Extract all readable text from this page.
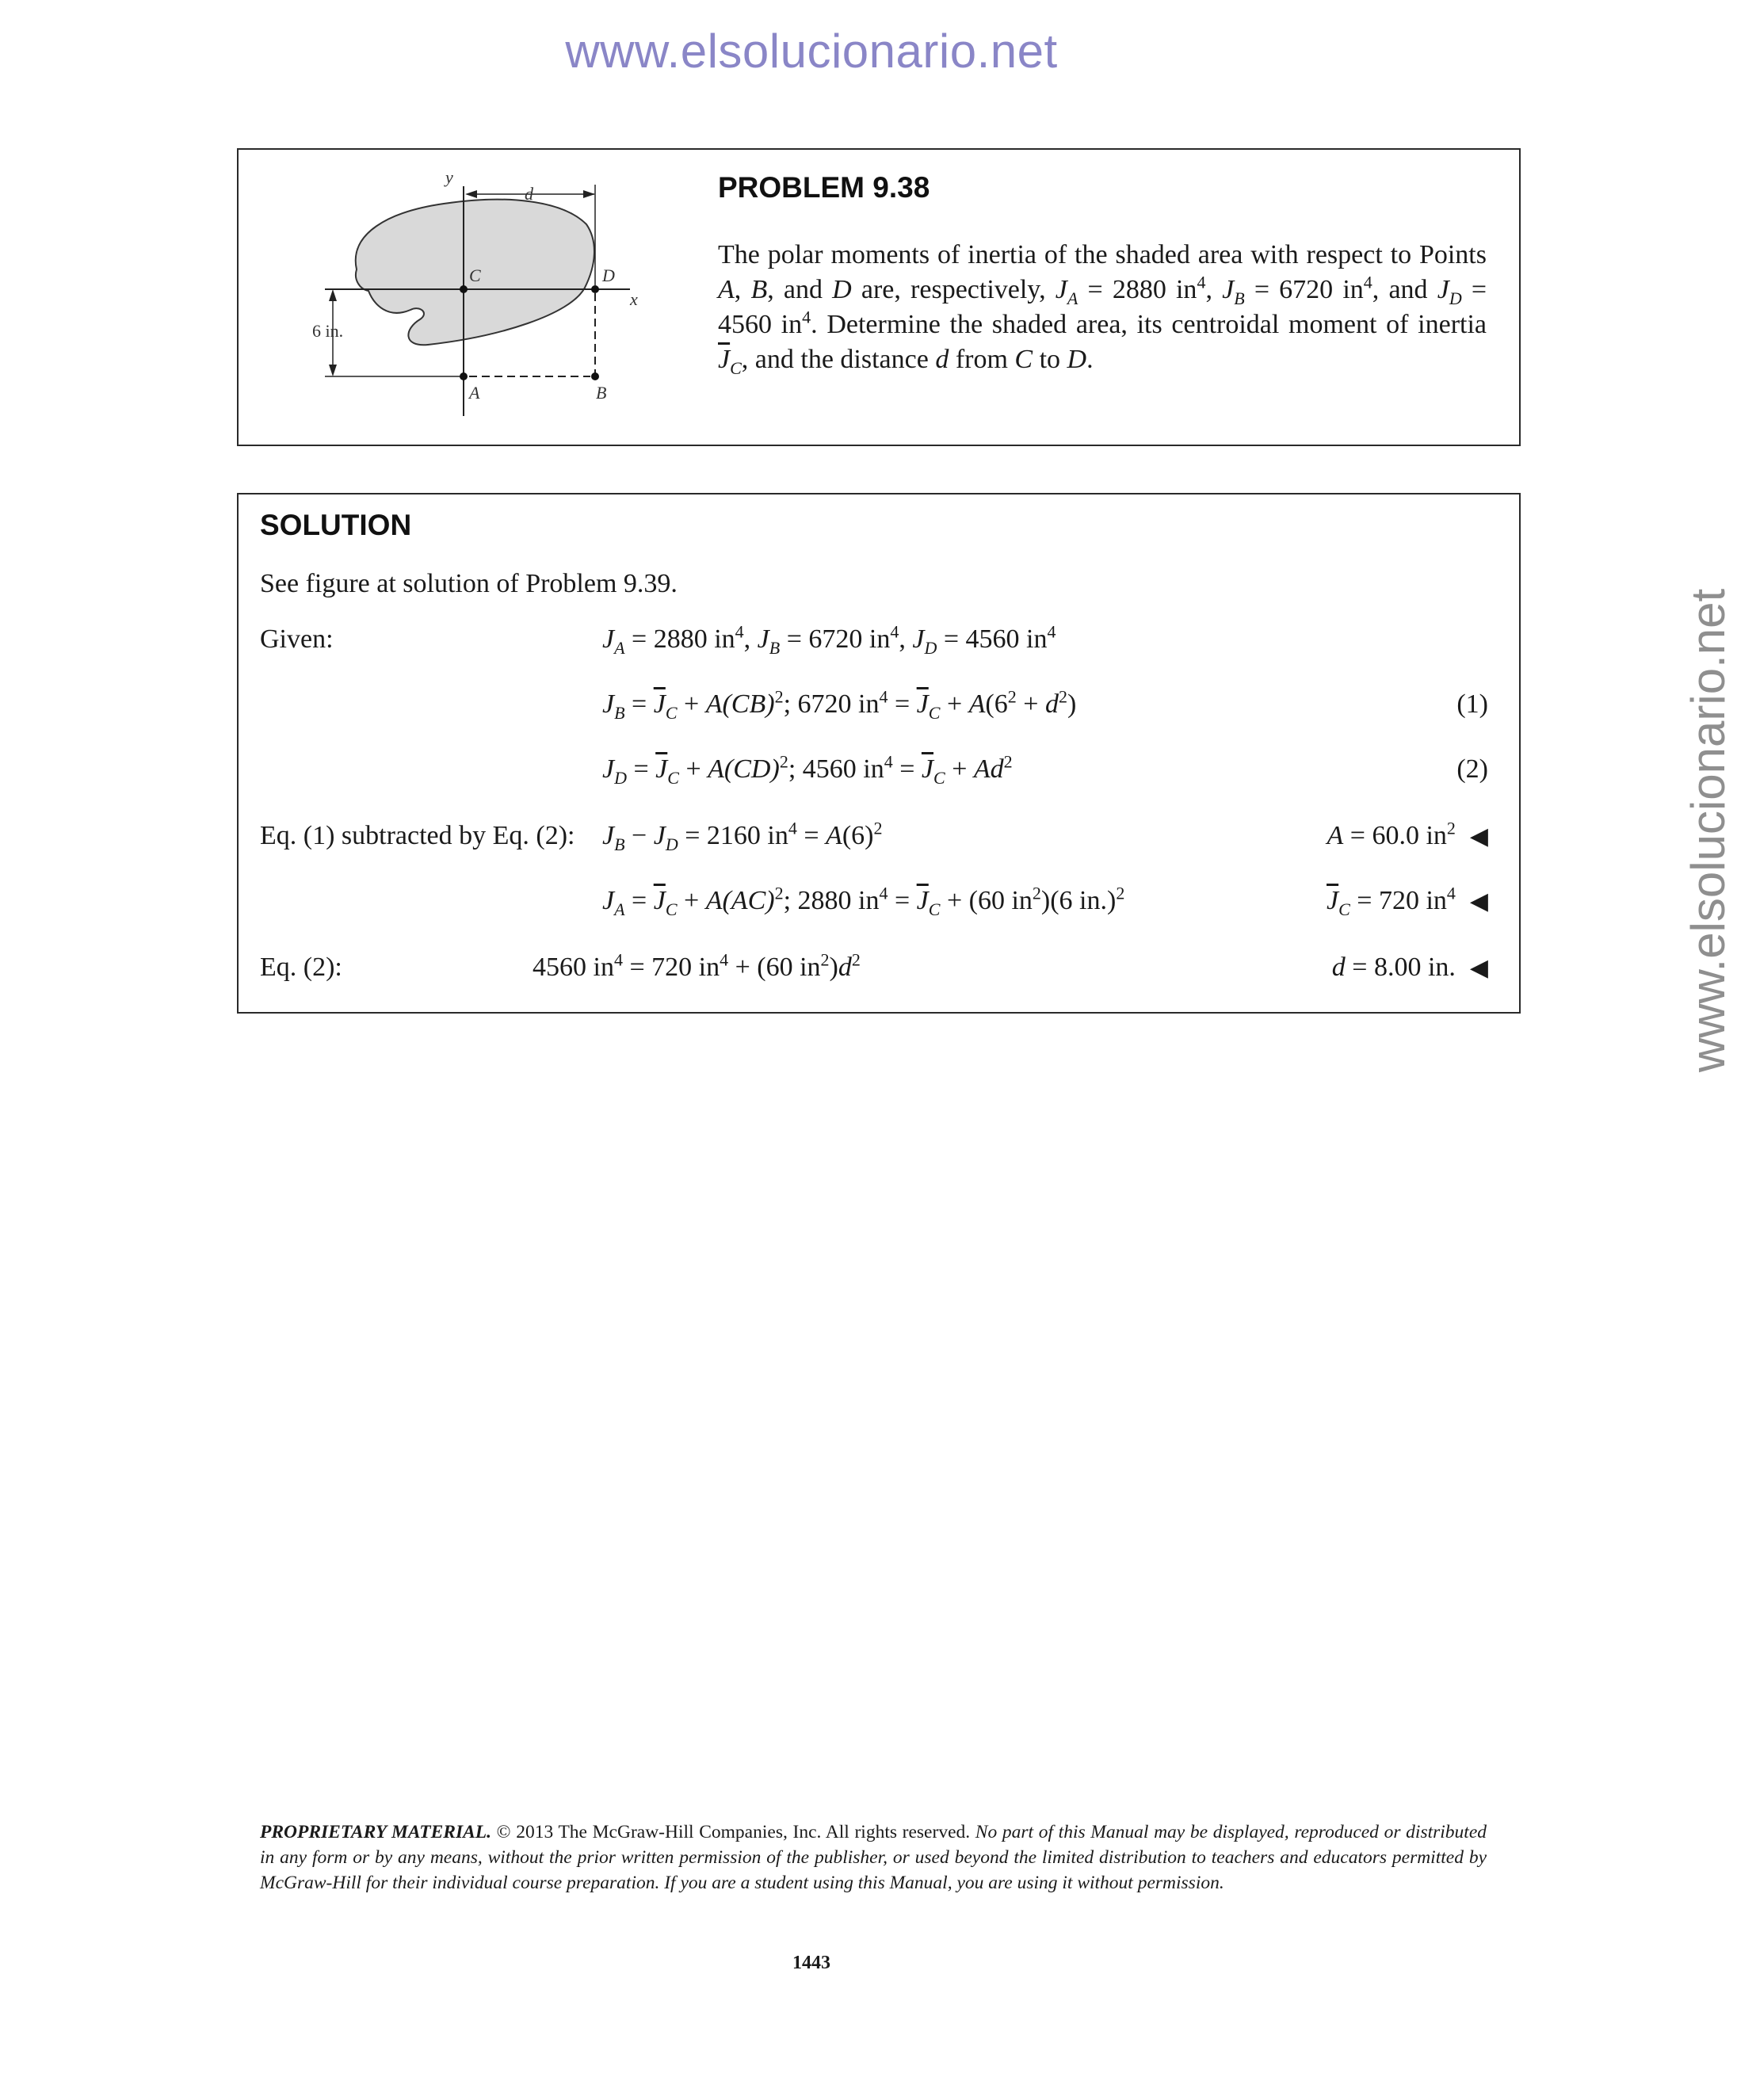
www.elsolucionario.net
www.elsolucionario.net
y
d
C	D
x
6 in.
A	B
PROBLEM 9.38
The polar moments of inertia of the shaded area with respect to Points A, B, and D are, respectively, $J_A = 2880$ $in^4$, $J_B = 6720$ $in^4$, and $J_D = 4560$ $in^4$. Determine the shaded area, its centroidal moment of inertia $\overline{J}_C$, and the distance d from C to D.
SOLUTION
See figure at solution of Problem 9.39.
Given:	$J_A = 2880$ $in^4$, $J_B = 6720$ $in^4$, $J_D = 4560$ $in^4$
$J_B = \overline{J}_C + A(CB)^2$; 6720 $in^4 = \overline{J}_C + A(6^2 + d^2)$	(1)
$J_D = \overline{J}_C + A(CD)^2$; 4560 $in^4 = \overline{J}_C + Ad^2$	(2)
Eq. (1) subtracted by Eq. (2): $J_B - J_D = 2160$ $in^4 = A(6)^2$	A = 60.0 $in^2$ ◀
$J_A = \overline{J}_C + A(AC)^2$; 2880 $in^4 = \overline{J}_C + (60$ $in^2)(6$ in.)$^2$	$\overline{J}_C = 720$ $in^4$ ◀
Eq. (2):	4560 $in^4 = 720$ $in^4 + (60$ $in^2)d^2$	d = 8.00 in. ◀
PROPRIETARY MATERIAL. © 2013 The McGraw-Hill Companies, Inc. All rights reserved. No part of this Manual may be displayed, reproduced or distributed in any form or by any means, without the prior written permission of the publisher, or used beyond the limited distribution to teachers and educators permitted by McGraw-Hill for their individual course preparation. If you are a student using this Manual, you are using it without permission.
1443
